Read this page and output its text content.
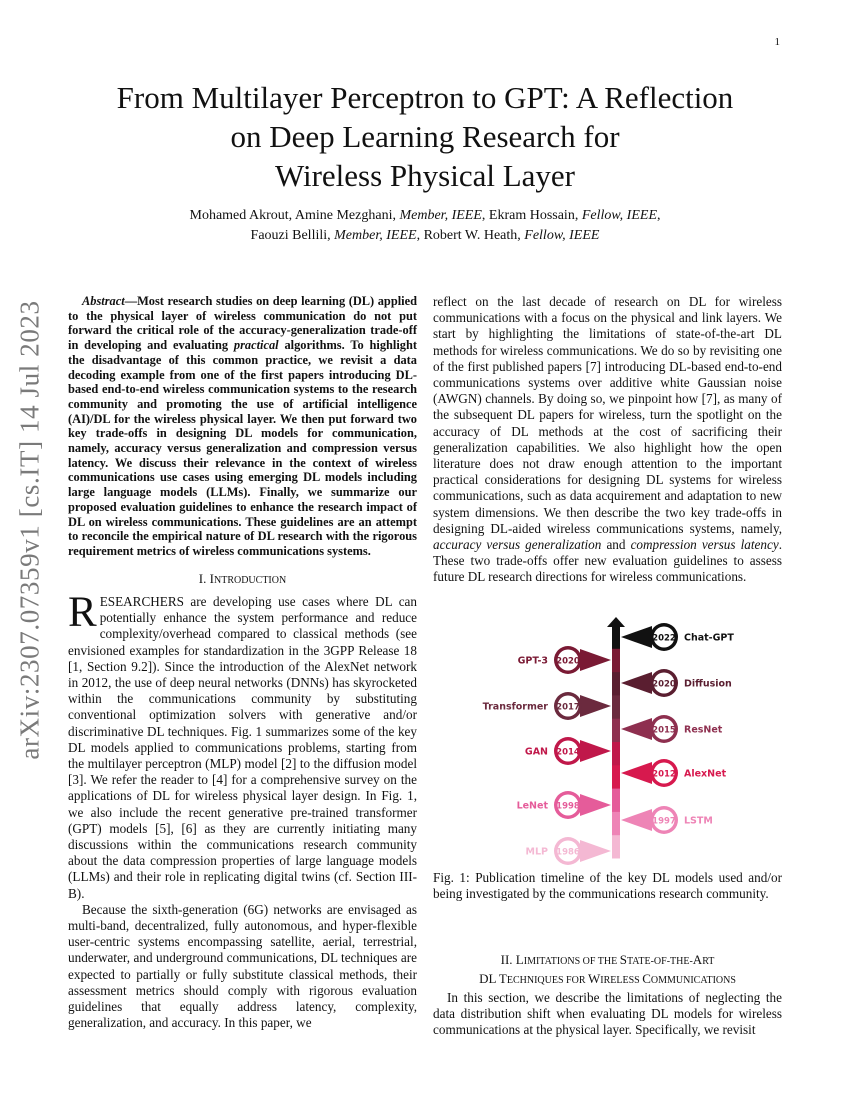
1
arXiv:2307.07359v1 [cs.IT] 14 Jul 2023
From Multilayer Perceptron to GPT: A Reflection
on Deep Learning Research for
Wireless Physical Layer
Mohamed Akrout, Amine Mezghani, Member, IEEE, Ekram Hossain, Fellow, IEEE,
Faouzi Bellili, Member, IEEE, Robert W. Heath, Fellow, IEEE

Abstract—Most research studies on deep learning (DL) applied to the physical layer of wireless communication do not put forward the critical role of the accuracy-generalization trade-off in developing and evaluating practical algorithms. To highlight the disadvantage of this common practice, we revisit a data decoding example from one of the first papers introducing DL-based end-to-end wireless communication systems to the research community and promoting the use of artificial intelligence (AI)/DL for the wireless physical layer. We then put forward two key trade-offs in designing DL models for communication, namely, accuracy versus generalization and compression versus latency. We discuss their relevance in the context of wireless communications use cases using emerging DL models including large language models (LLMs). Finally, we summarize our proposed evaluation guidelines to enhance the research impact of DL on wireless communications. These guidelines are an attempt to reconcile the empirical nature of DL research with the rigorous requirement metrics of wireless communications systems.

I. INTRODUCTION

RESEARCHERS are developing use cases where DL can potentially enhance the system performance and reduce complexity/overhead compared to classical methods (see envisioned examples for standardization in the 3GPP Release 18 [1, Section 9.2]). Since the introduction of the AlexNet network in 2012, the use of deep neural networks (DNNs) has skyrocketed within the communications community by substituting conventional optimization solvers with generative and/or discriminative DL techniques. Fig. 1 summarizes some of the key DL models applied to communications problems, starting from the multilayer perceptron (MLP) model [2] to the diffusion model [3]. We refer the reader to [4] for a comprehensive survey on the applications of DL for wireless physical layer design. In Fig. 1, we also include the recent generative pre-trained transformer (GPT) models [5], [6] as they are currently initiating many discussions within the communications research community about the data compression properties of large language models (LLMs) and their role in replicating digital twins (cf. Section III-B).

Because the sixth-generation (6G) networks are envisaged as multi-band, decentralized, fully autonomous, and hyper-flexible user-centric systems encompassing satellite, aerial, terrestrial, underwater, and underground communications, DL techniques are expected to partially or fully substitute classical methods, their assessment metrics should comply with rigorous evaluation guidelines that equally address latency, complexity, generalization, and accuracy. In this paper, we

reflect on the last decade of research on DL for wireless communications with a focus on the physical and link layers. We start by highlighting the limitations of state-of-the-art DL methods for wireless communications. We do so by revisiting one of the first published papers [7] introducing DL-based end-to-end communications systems over additive white Gaussian noise (AWGN) channels. By doing so, we pinpoint how [7], as many of the subsequent DL papers for wireless, turn the spotlight on the accuracy of DL methods at the cost of sacrificing their generalization capabilities. We also highlight how the open literature does not draw enough attention to the important practical considerations for designing DL systems for wireless communications, such as data acquirement and adaptation to new system dimensions. We then describe the two key trade-offs in designing DL-aided wireless communications systems, namely, accuracy versus generalization and compression versus latency. These two trade-offs offer new evaluation guidelines to assess future DL research directions for wireless communications.

1986
MLP
1997 LSTM
1998
LeNet
2012 AlexNet
2014
GAN
2015 ResNet
2017
Transformer
2020 Diffusion
2020
GPT-3
2022 Chat-GPT
Fig. 1: Publication timeline of the key DL models used and/or being investigated by the communications research community.
II. LIMITATIONS OF THE STATE-OF-THE-ART
DL TECHNIQUES FOR WIRELESS COMMUNICATIONS

In this section, we describe the limitations of neglecting the data distribution shift when evaluating DL models for wireless communications at the physical layer. Specifically, we revisit
